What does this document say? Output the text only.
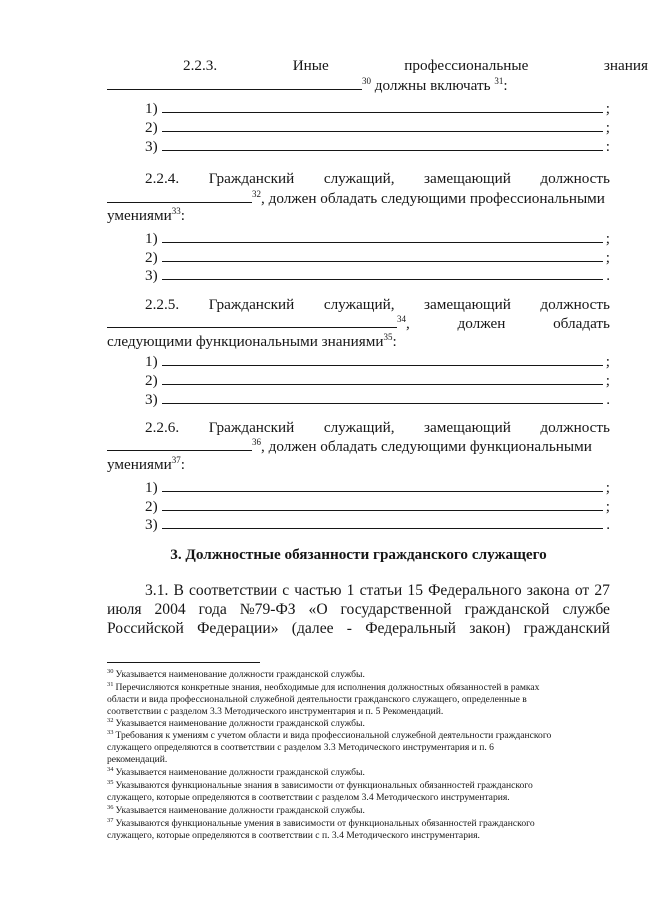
2.2.3.	Иные	профессиональные	знания
$^{30}$ должны включать $^{31}$:
1)	;
2)	;
3)	:
2.2.4. Гражданский служащий, замещающий должность
$^{32}$, должен обладать следующими профессиональными
умениями$^{33}$:
1)	;
2)	;
3)	.
2.2.5. Гражданский служащий, замещающий должность
$^{34}$,	должен	обладать
следующими функциональными знаниями$^{35}$:
1)	;
2)	;
3)	.
2.2.6. Гражданский служащий, замещающий должность
$^{36}$, должен обладать следующими функциональными
умениями$^{37}$:
1)	;
2)	;
3)	.
3. Должностные обязанности гражданского служащего
3.1. В соответствии с частью 1 статьи 15 Федерального закона от 27
июля 2004 года №79-ФЗ «О государственной гражданской службе
Российской Федерации» (далее - Федеральный закон) гражданский
$^{30}$ Указывается наименование должности гражданской службы.
$^{31}$ Перечисляются конкретные знания, необходимые для исполнения должностных обязанностей в рамках
области и вида профессиональной служебной деятельности гражданского служащего, определенные в
соответствии с разделом 3.3 Методического инструментария и п. 5 Рекомендаций.
$^{32}$ Указывается наименование должности гражданской службы.
$^{33}$ Требования к умениям с учетом области и вида профессиональной служебной деятельности гражданского
служащего определяются в соответствии с разделом 3.3 Методического инструментария и п. 6
рекомендаций.
$^{34}$ Указывается наименование должности гражданской службы.
$^{35}$ Указываются функциональные знания в зависимости от функциональных обязанностей гражданского
служащего, которые определяются в соответствии с разделом 3.4 Методического инструментария.
$^{36}$ Указывается наименование должности гражданской службы.
$^{37}$ Указываются функциональные умения в зависимости от функциональных обязанностей гражданского
служащего, которые определяются в соответствии с п. 3.4 Методического инструментария.
